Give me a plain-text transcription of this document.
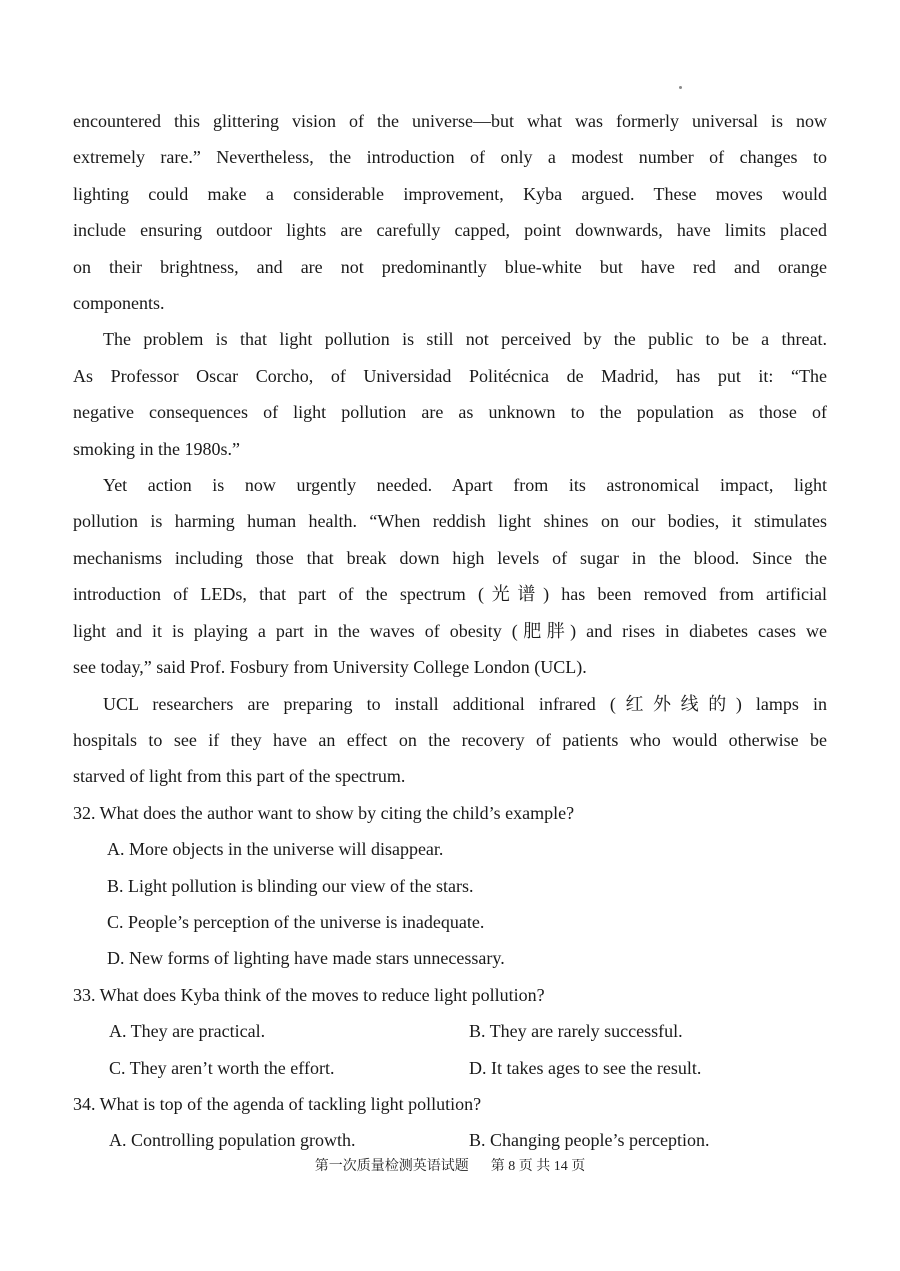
encountered this glittering vision of the universe—but what was formerly universal is now
extremely rare.” Nevertheless, the introduction of only a modest number of changes to
lighting could make a considerable improvement, Kyba argued. These moves would
include ensuring outdoor lights are carefully capped, point downwards, have limits placed
on their brightness, and are not predominantly blue-white but have red and orange
components.
The problem is that light pollution is still not perceived by the public to be a threat.
As Professor Oscar Corcho, of Universidad Politécnica de Madrid, has put it: “The
negative consequences of light pollution are as unknown to the population as those of
smoking in the 1980s.”
Yet action is now urgently needed. Apart from its astronomical impact, light
pollution is harming human health. “When reddish light shines on our bodies, it stimulates
mechanisms including those that break down high levels of sugar in the blood. Since the
introduction of LEDs, that part of the spectrum (光谱) has been removed from artificial
light and it is playing a part in the waves of obesity (肥胖) and rises in diabetes cases we
see today,” said Prof. Fosbury from University College London (UCL).
UCL researchers are preparing to install additional infrared (红外线的) lamps in
hospitals to see if they have an effect on the recovery of patients who would otherwise be
starved of light from this part of the spectrum.
32. What does the author want to show by citing the child’s example?
A. More objects in the universe will disappear.
B. Light pollution is blinding our view of the stars.
C. People’s perception of the universe is inadequate.
D. New forms of lighting have made stars unnecessary.
33. What does Kyba think of the moves to reduce light pollution?
A. They are practical.	B. They are rarely successful.
C. They aren’t worth the effort.	D. It takes ages to see the result.
34. What is top of the agenda of tackling light pollution?
A. Controlling population growth.	B. Changing people’s perception.
第一次质量检测英语试题 第 8 页 共 14 页
